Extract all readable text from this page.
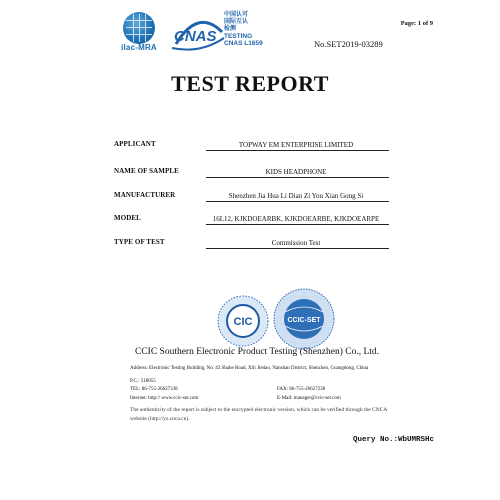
ilac-MRA
CNAS
中国认可
国际互认
检测
TESTING
CNAS L1659
Page: 1 of 9
No.SET2019-03289
TEST REPORT
APPLICANT	TOPWAY EM ENTERPRISE LIMITED
NAME OF SAMPLE	KIDS HEADPHONE
MANUFACTURER	Shenzhen Jia Hua Li Dian Zi You Xian Gong Si
MODEL	16L12, KJKDOEARBK, KJKDOEARBE, KJKDOEARPE
TYPE OF TEST	Commission Test
CIC	CCIC-SET
CCIC Southern Electronic Product Testing (Shenzhen) Co., Ltd.
Address: Electronic Testing Building, No. 43 Shahe Road, Xili Jiedao, Nanshan District, Shenzhen, Guangdong, China
P.C.: 518055
TEL: 86-755-26627338	FAX: 86-755-26627238
Internet: http:// www.ccic-set.com	E-Mail: manager@ccic-set.com
The authenticity of the report is subject to the encrypted electronic version, which can be verified through the CNCA website (http://yz.cnca.cn).
Query No.:WbUMRSHc
